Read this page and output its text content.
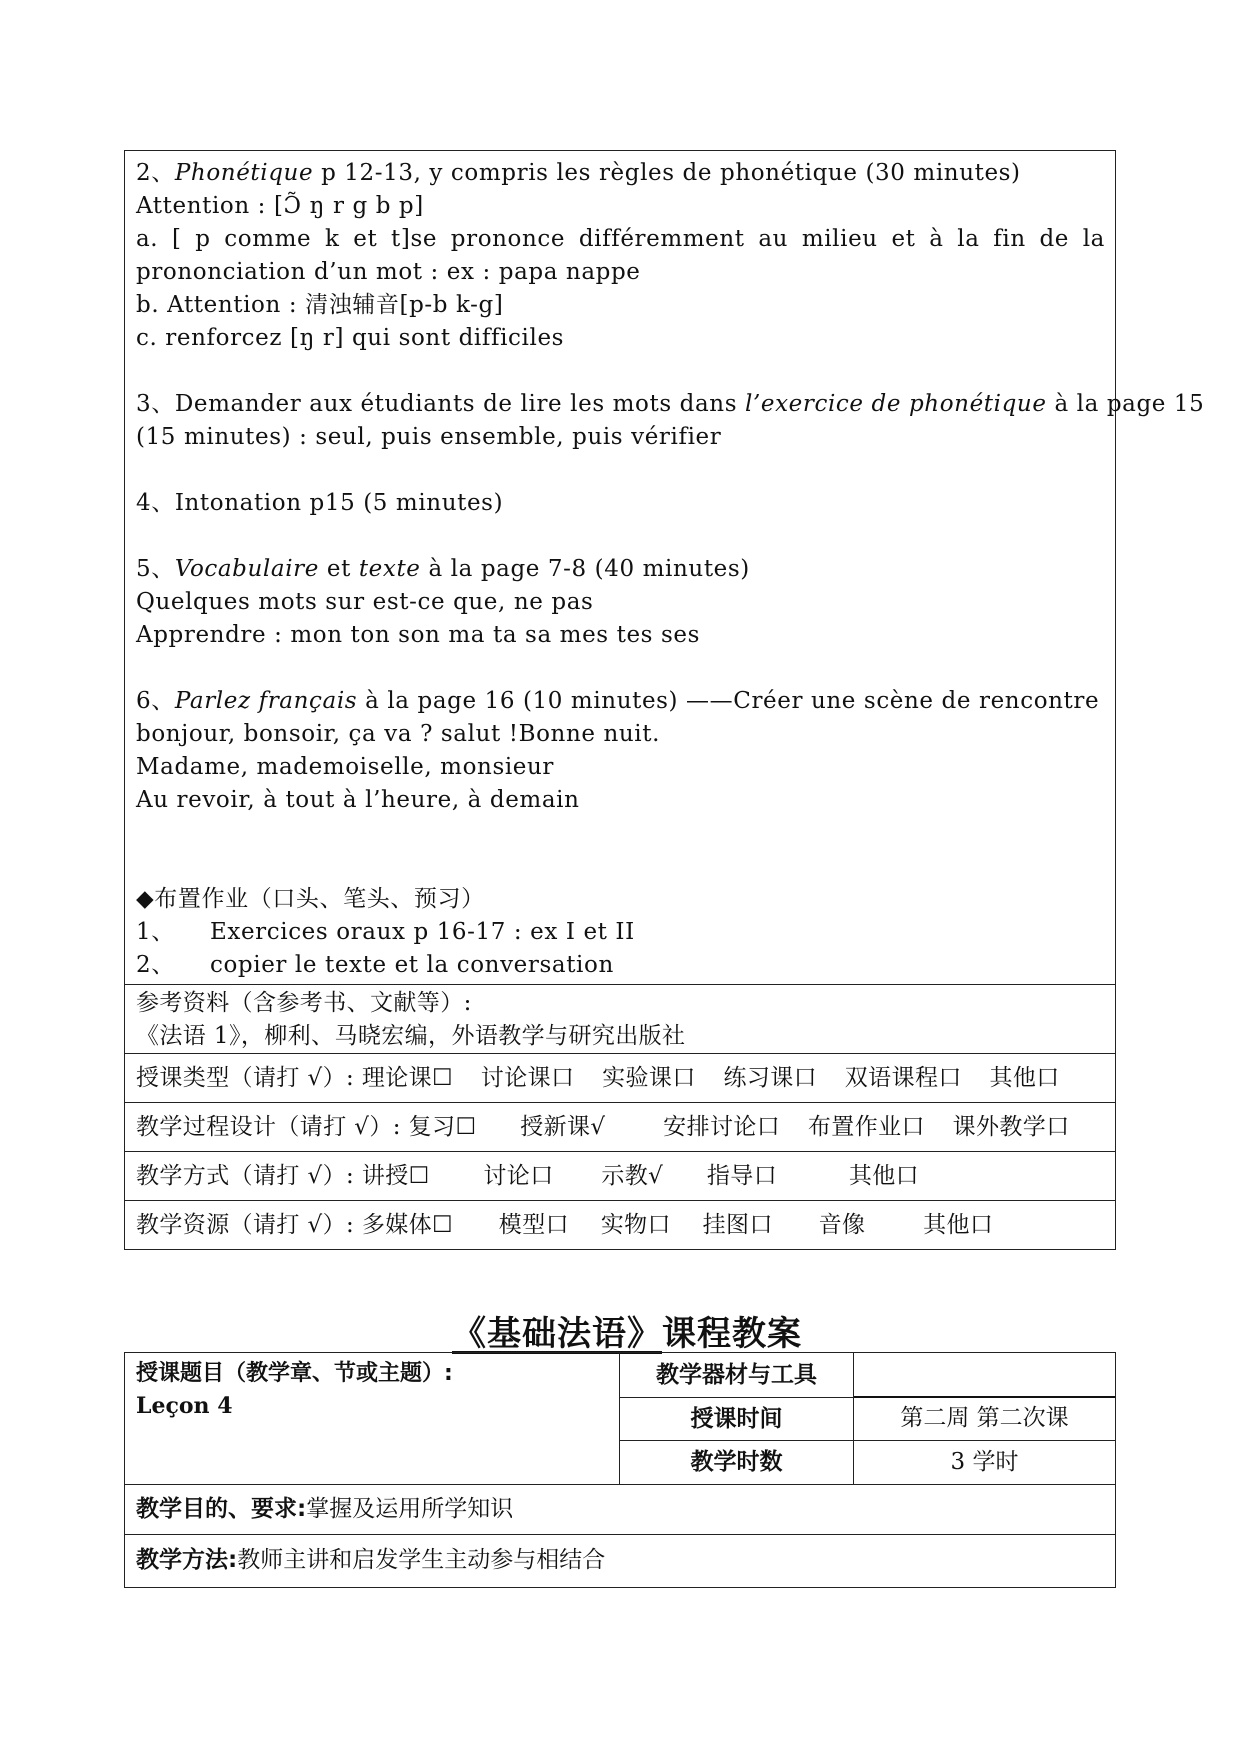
2、Phonétique p 12-13, y compris les règles de phonétique (30 minutes)
Attention : [Ɔ̃ ŋ r g b p]
a. [ p comme k et t]se prononce différemment au milieu et à la fin de la
prononciation d’un mot : ex : papa nappe
b. Attention : 清浊辅音[p-b k-g]
c. renforcez [ŋ r] qui sont difficiles
3、Demander aux étudiants de lire les mots dans l’exercice de phonétique à la page 15
(15 minutes) : seul, puis ensemble, puis vérifier
4、Intonation p15 (5 minutes)
5、Vocabulaire et texte à la page 7-8 (40 minutes)
Quelques mots sur est-ce que, ne pas
Apprendre : mon ton son ma ta sa mes tes ses
6、Parlez français à la page 16 (10 minutes) ——Créer une scène de rencontre
bonjour, bonsoir, ça va ? salut !Bonne nuit.
Madame, mademoiselle, monsieur
Au revoir, à tout à l’heure, à demain
◆布置作业（口头、笔头、预习）
1、 Exercices oraux p 16-17 : ex I et II
2、 copier le texte et la conversation
参考资料（含参考书、文献等）:
《法语 1》，柳利、马晓宏编，外语教学与研究出版社
授课类型（请打 √）: 理论课☐ 讨论课口 实验课口 练习课口 双语课程口 其他口
教学过程设计（请打 √）: 复习☐ 授新课√	安排讨论口 布置作业口 课外教学口
教学方式（请打 √）: 讲授☐ 讨论口 示教√ 指导口	其他口
教学资源（请打 √）: 多媒体☐ 模型口 实物口 挂图口 音像	其他口
《基础法语》课程教案
授课题目（教学章、节或主题）:
Leçon 4
教学器材与工具
授课时间	第二周 第二次课
教学时数	3 学时
教学目的、要求:掌握及运用所学知识
教学方法:教师主讲和启发学生主动参与相结合
